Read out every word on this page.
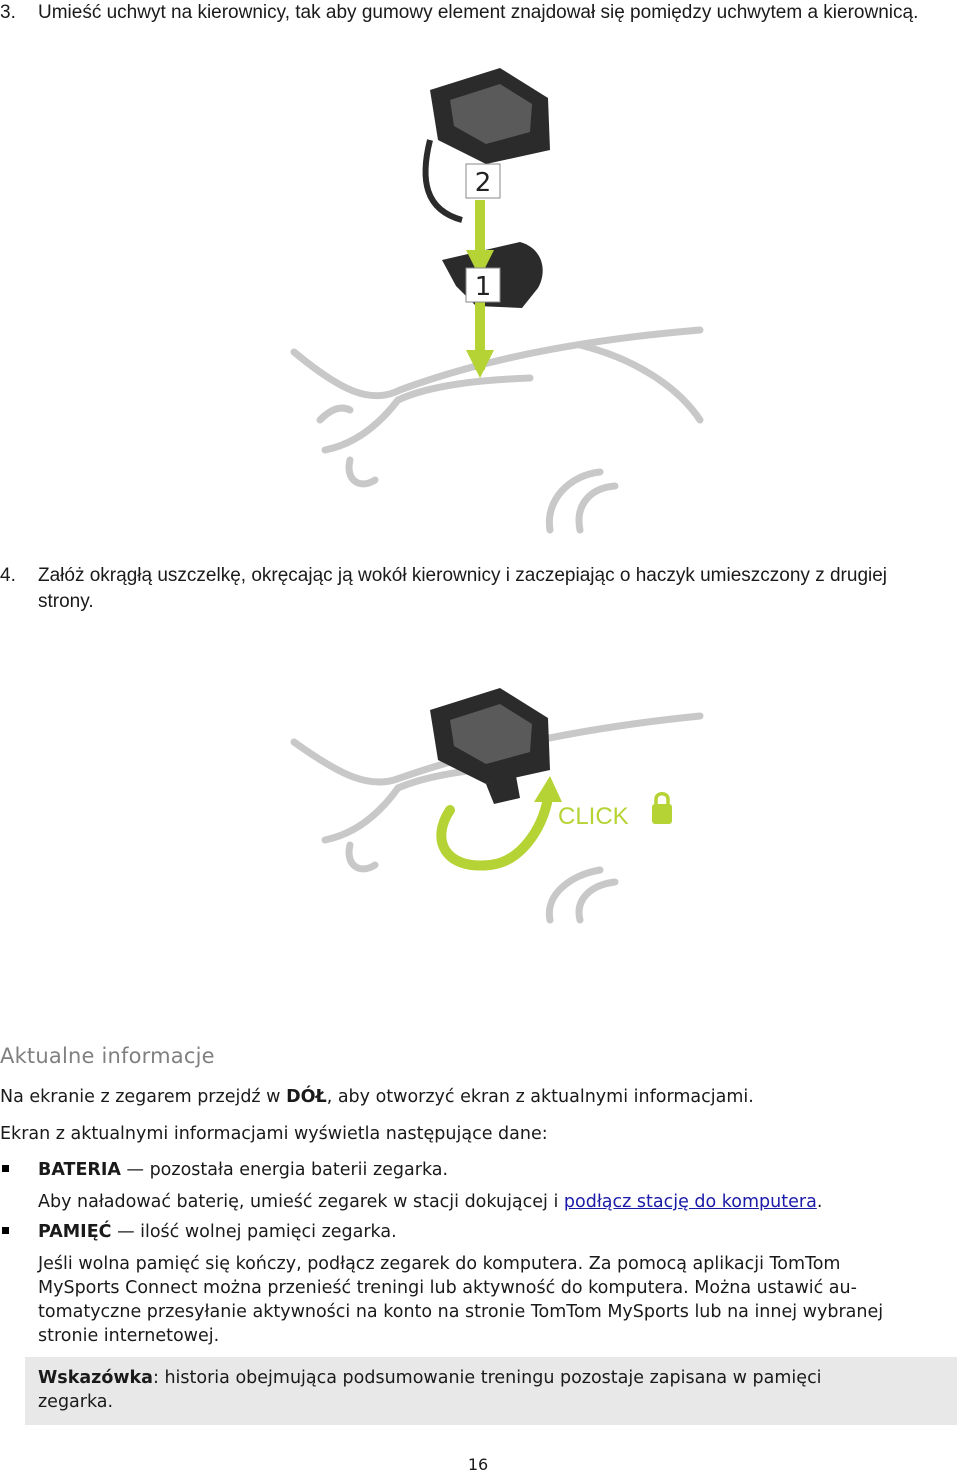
3. Umieść uchwyt na kierownicy, tak aby gumowy element znajdował się pomiędzy uchwytem a kierownicą.
2
1
4. Załóż okrągłą uszczelkę, okręcając ją wokół kierownicy i zaczepiając o haczyk umieszczony z drugiej strony.
CLICK
Aktualne informacje
Na ekranie z zegarem przejdź w DÓŁ, aby otworzyć ekran z aktualnymi informacjami.
Ekran z aktualnymi informacjami wyświetla następujące dane:
BATERIA — pozostała energia baterii zegarka.
Aby naładować baterię, umieść zegarek w stacji dokującej i podłącz stację do komputera.
PAMIĘĆ — ilość wolnej pamięci zegarka.
Jeśli wolna pamięć się kończy, podłącz zegarek do komputera. Za pomocą aplikacji TomTom
MySports Connect można przenieść treningi lub aktywność do komputera. Można ustawić au-
tomatyczne przesyłanie aktywności na konto na stronie TomTom MySports lub na innej wybranej
stronie internetowej.
Wskazówka: historia obejmująca podsumowanie treningu pozostaje zapisana w pamięci
zegarka.
16
